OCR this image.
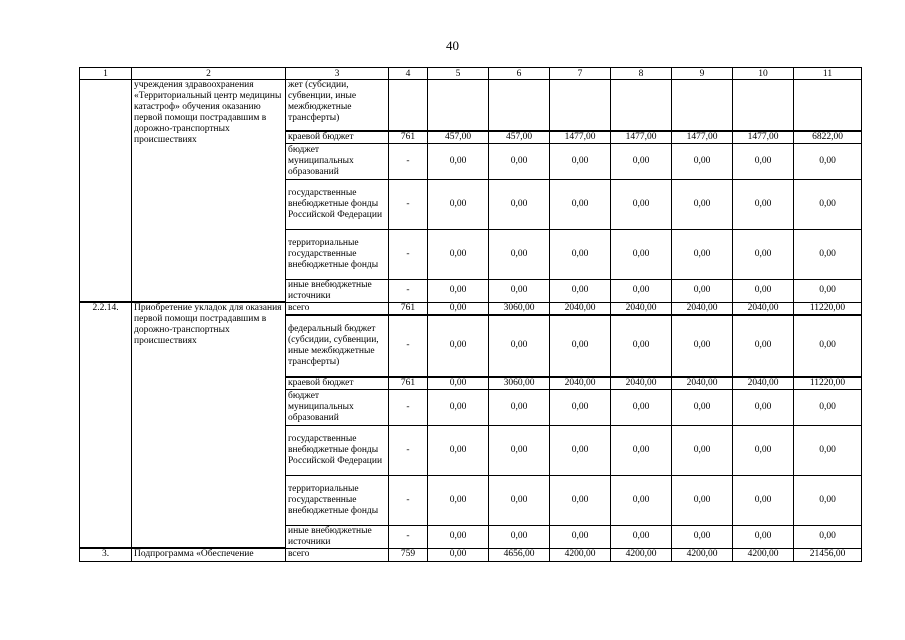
40
1	2	3	4	5	6	7	8	9	10	11
	учреждения здравоохранения «Территориальный центр медицины катастроф» обучения оказанию первой помощи пострадавшим в дорожно-транспортных происшествиях	жет (субсидии, субвенции, иные межбюджетные трансферты)								
		краевой бюджет	761	457,00	457,00	1477,00	1477,00	1477,00	1477,00	6822,00
		бюджет муниципальных образований	-	0,00	0,00	0,00	0,00	0,00	0,00	0,00
		государственные внебюджетные фонды Российской Федерации	-	0,00	0,00	0,00	0,00	0,00	0,00	0,00
		территориальные государственные внебюджетные фонды	-	0,00	0,00	0,00	0,00	0,00	0,00	0,00
		иные внебюджетные источники	-	0,00	0,00	0,00	0,00	0,00	0,00	0,00
2.2.14.	Приобретение укладок для оказания первой помощи пострадавшим в дорожно-транспортных происшествиях	всего	761	0,00	3060,00	2040,00	2040,00	2040,00	2040,00	11220,00
		федеральный бюджет (субсидии, субвенции, иные межбюджетные трансферты)	-	0,00	0,00	0,00	0,00	0,00	0,00	0,00
		краевой бюджет	761	0,00	3060,00	2040,00	2040,00	2040,00	2040,00	11220,00
		бюджет муниципальных образований	-	0,00	0,00	0,00	0,00	0,00	0,00	0,00
		государственные внебюджетные фонды Российской Федерации	-	0,00	0,00	0,00	0,00	0,00	0,00	0,00
		территориальные государственные внебюджетные фонды	-	0,00	0,00	0,00	0,00	0,00	0,00	0,00
		иные внебюджетные источники	-	0,00	0,00	0,00	0,00	0,00	0,00	0,00
3.	Подпрограмма «Обеспечение	всего	759	0,00	4656,00	4200,00	4200,00	4200,00	4200,00	21456,00
